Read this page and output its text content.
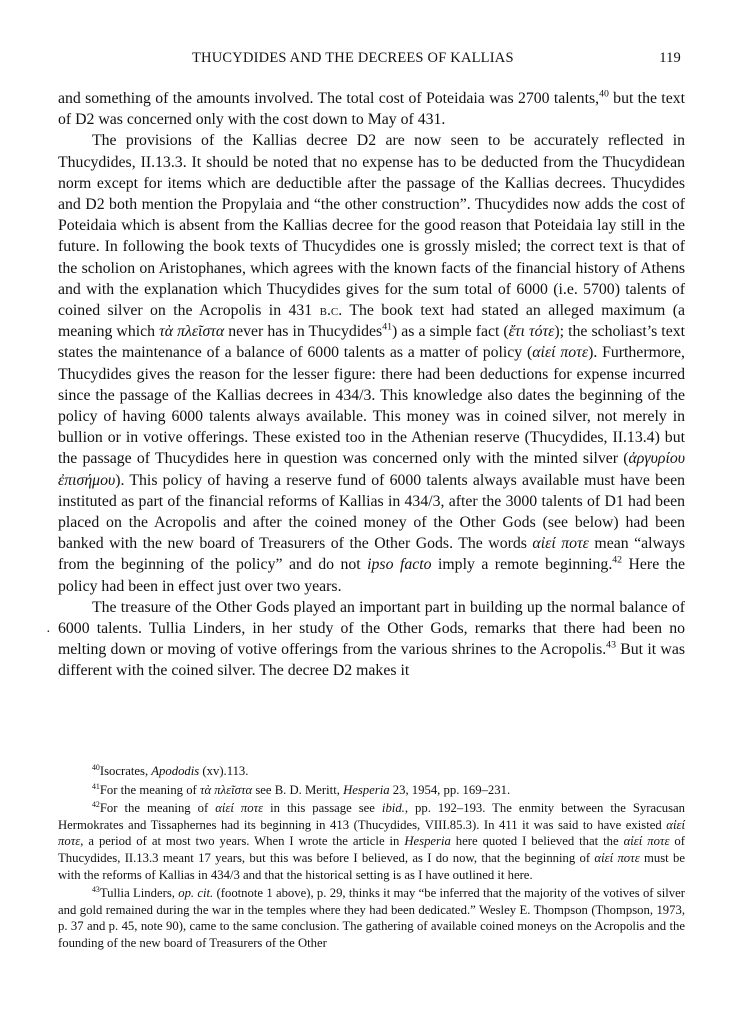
THUCYDIDES AND THE DECREES OF KALLIAS	119
·

and something of the amounts involved. The total cost of Poteidaia was 2700 talents,$^{40}$ but the text of D2 was concerned only with the cost down to May of 431.

The provisions of the Kallias decree D2 are now seen to be accurately reflected in Thucydides, II.13.3. It should be noted that no expense has to be deducted from the Thucydidean norm except for items which are deductible after the passage of the Kallias decrees. Thucydides and D2 both mention the Propylaia and “the other construction”. Thucydides now adds the cost of Poteidaia which is absent from the Kallias decree for the good reason that Poteidaia lay still in the future. In following the book texts of Thucydides one is grossly misled; the correct text is that of the scholion on Aristophanes, which agrees with the known facts of the financial history of Athens and with the explanation which Thucydides gives for the sum total of 6000 (i.e. 5700) talents of coined silver on the Acropolis in 431 b.c. The book text had stated an alleged maximum (a meaning which τὰ πλεῖστα never has in Thucydides$^{41}$) as a simple fact (ἔτι τότε); the scholiast’s text states the maintenance of a balance of 6000 talents as a matter of policy (αἰεί ποτε). Furthermore, Thucydides gives the reason for the lesser figure: there had been deductions for expense incurred since the passage of the Kallias decrees in 434/3. This knowledge also dates the beginning of the policy of having 6000 talents always available. This money was in coined silver, not merely in bullion or in votive offerings. These existed too in the Athenian reserve (Thucydides, II.13.4) but the passage of Thucydides here in question was concerned only with the minted silver (ἀργυρίου ἐπισήμου). This policy of having a reserve fund of 6000 talents always available must have been instituted as part of the financial reforms of Kallias in 434/3, after the 3000 talents of D1 had been placed on the Acropolis and after the coined money of the Other Gods (see below) had been banked with the new board of Treasurers of the Other Gods. The words αἰεί ποτε mean “always from the beginning of the policy” and do not ipso facto imply a remote beginning.$^{42}$ Here the policy had been in effect just over two years.

The treasure of the Other Gods played an important part in building up the normal balance of 6000 talents. Tullia Linders, in her study of the Other Gods, remarks that there had been no melting down or moving of votive offerings from the various shrines to the Acropolis.$^{43}$ But it was different with the coined silver. The decree D2 makes it

$^{40}$Isocrates, Apododis (xv).113.

$^{41}$For the meaning of τὰ πλεῖστα see B. D. Meritt, Hesperia 23, 1954, pp. 169–231.

$^{42}$For the meaning of αἰεί ποτε in this passage see ibid., pp. 192–193. The enmity between the Syracusan Hermokrates and Tissaphernes had its beginning in 413 (Thucydides, VIII.85.3). In 411 it was said to have existed αἰεί ποτε, a period of at most two years. When I wrote the article in Hesperia here quoted I believed that the αἰεί ποτε of Thucydides, II.13.3 meant 17 years, but this was before I believed, as I do now, that the beginning of αἰεί ποτε must be with the reforms of Kallias in 434/3 and that the historical setting is as I have outlined it here.

$^{43}$Tullia Linders, op. cit. (footnote 1 above), p. 29, thinks it may “be inferred that the majority of the votives of silver and gold remained during the war in the temples where they had been dedicated.” Wesley E. Thompson (Thompson, 1973, p. 37 and p. 45, note 90), came to the same conclusion. The gathering of available coined moneys on the Acropolis and the founding of the new board of Treasurers of the Other
